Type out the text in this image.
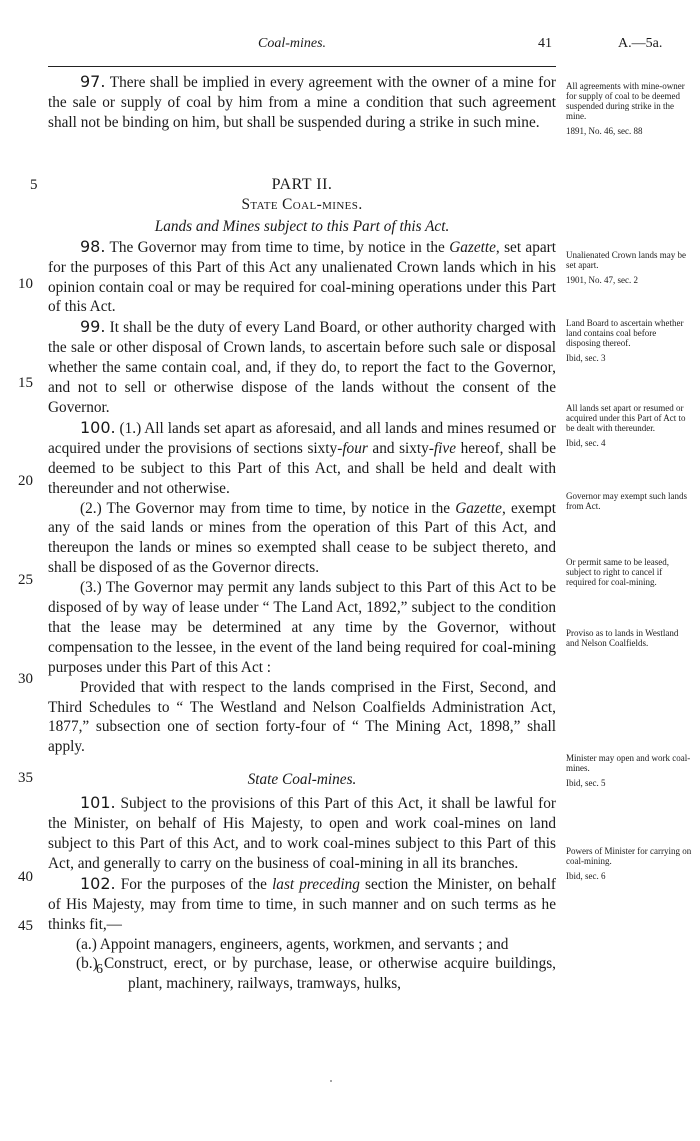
Coal-mines.	41	A.—5a.

97. There shall be implied in every agreement with the owner of a mine for the sale or supply of coal by him from a mine a condition that such agreement shall not be binding on him, but shall be suspended during a strike in such mine.

PART II.

State Coal-mines.

Lands and Mines subject to this Part of this Act.

98. The Governor may from time to time, by notice in the Gazette, set apart for the purposes of this Part of this Act any unalienated Crown lands which in his opinion contain coal or may be required for coal-mining operations under this Part of this Act.

99. It shall be the duty of every Land Board, or other authority charged with the sale or other disposal of Crown lands, to ascertain before such sale or disposal whether the same contain coal, and, if they do, to report the fact to the Governor, and not to sell or otherwise dispose of the lands without the consent of the Governor.

100. (1.) All lands set apart as aforesaid, and all lands and mines resumed or acquired under the provisions of sections sixty-four and sixty-five hereof, shall be deemed to be subject to this Part of this Act, and shall be held and dealt with thereunder and not otherwise.

(2.) The Governor may from time to time, by notice in the Gazette, exempt any of the said lands or mines from the operation of this Part of this Act, and thereupon the lands or mines so exempted shall cease to be subject thereto, and shall be disposed of as the Governor directs.

(3.) The Governor may permit any lands subject to this Part of this Act to be disposed of by way of lease under “ The Land Act, 1892,” subject to the condition that the lease may be determined at any time by the Governor, without compensation to the lessee, in the event of the land being required for coal-mining purposes under this Part of this Act :

Provided that with respect to the lands comprised in the First, Second, and Third Schedules to “ The Westland and Nelson Coalfields Administration Act, 1877,” subsection one of section forty-four of “ The Mining Act, 1898,” shall apply.

State Coal-mines.

101. Subject to the provisions of this Part of this Act, it shall be lawful for the Minister, on behalf of His Majesty, to open and work coal-mines on land subject to this Part of this Act, and to work coal-mines subject to this Part of this Act, and generally to carry on the business of coal-mining in all its branches.

102. For the purposes of the last preceding section the Minister, on behalf of His Majesty, may from time to time, in such manner and on such terms as he thinks fit,—

(a.) Appoint managers, engineers, agents, workmen, and servants ; and

(b.) Construct, erect, or by purchase, lease, or otherwise acquire buildings, plant, machinery, railways, tramways, hulks,

6
5
10
15
20
25
30
35
40
45

All agreements with mine-owner for supply of coal to be deemed suspended during strike in the mine.

1891, No. 46, sec. 88

Unalienated Crown lands may be set apart.

1901, No. 47, sec. 2

Land Board to ascertain whether land contains coal before disposing thereof.

Ibid, sec. 3

All lands set apart or resumed or acquired under this Part of Act to be dealt with thereunder.

Ibid, sec. 4

Governor may exempt such lands from Act.

Or permit same to be leased, subject to right to cancel if required for coal-mining.

Proviso as to lands in Westland and Nelson Coalfields.

Minister may open and work coal-mines.

Ibid, sec. 5

Powers of Minister for carrying on coal-mining.

Ibid, sec. 6
